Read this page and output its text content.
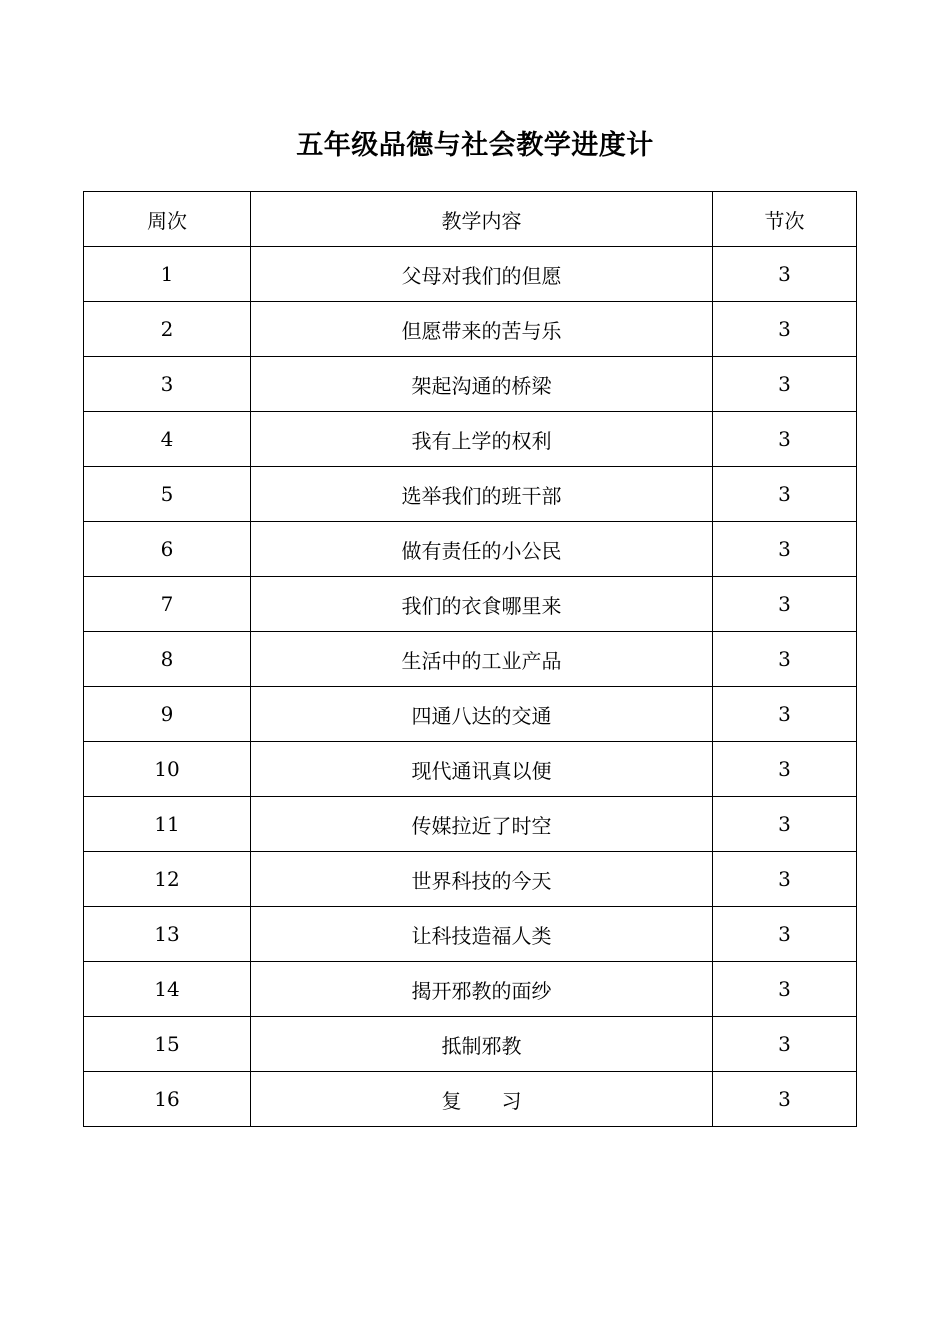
五年级品德与社会教学进度计
周次	教学内容	节次
1	父母对我们的但愿	3
2	但愿带来的苦与乐	3
3	架起沟通的桥梁	3
4	我有上学的权利	3
5	选举我们的班干部	3
6	做有责任的小公民	3
7	我们的衣食哪里来	3
8	生活中的工业产品	3
9	四通八达的交通	3
10	现代通讯真以便	3
11	传媒拉近了时空	3
12	世界科技的今天	3
13	让科技造福人类	3
14	揭开邪教的面纱	3
15	抵制邪教	3
16	复　　习	3
